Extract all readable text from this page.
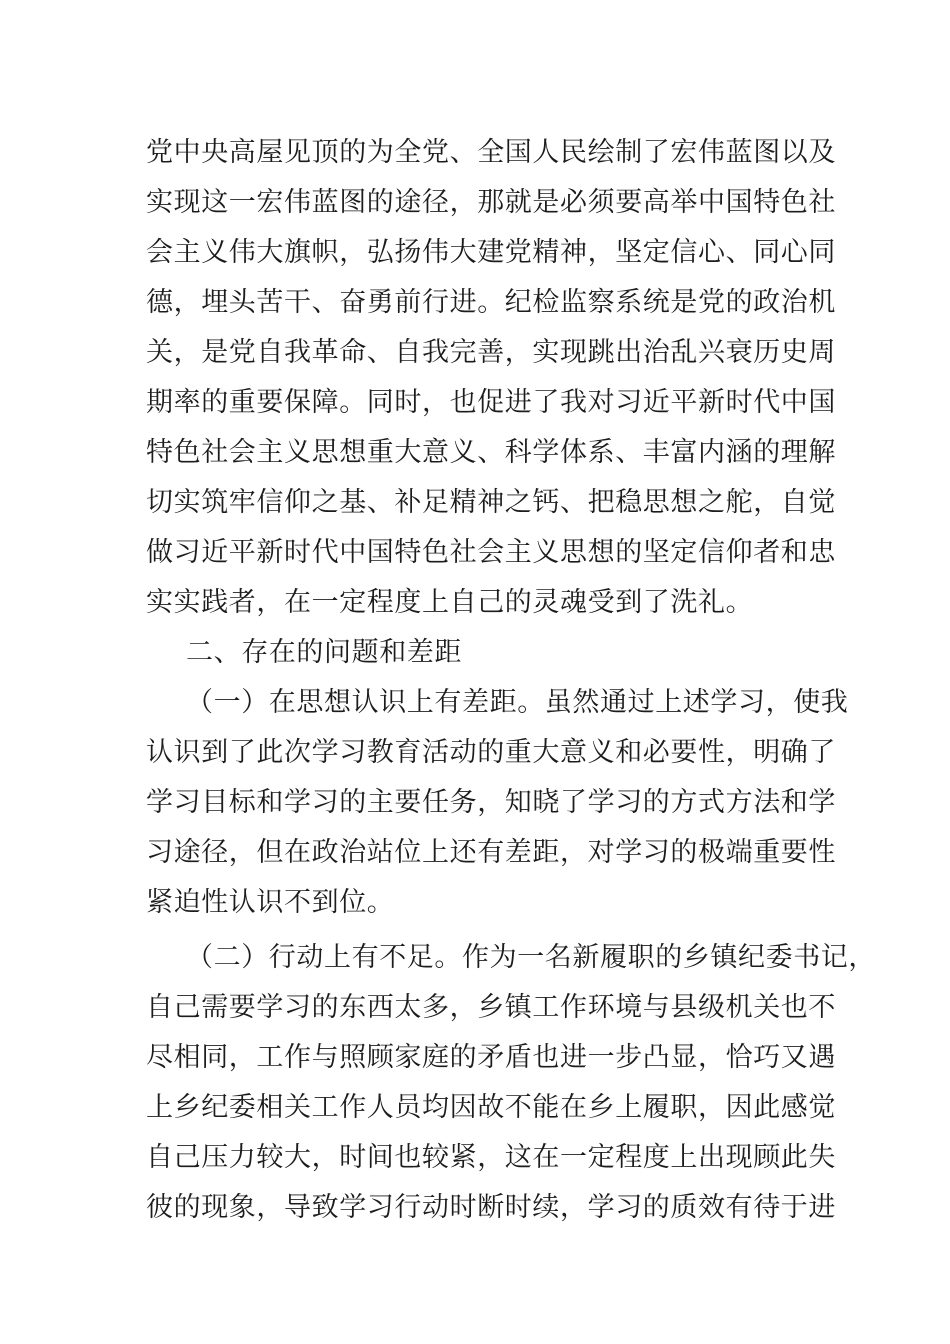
党中央高屋见顶的为全党、全国人民绘制了宏伟蓝图以及
实现这一宏伟蓝图的途径，那就是必须要高举中国特色社
会主义伟大旗帜，弘扬伟大建党精神，坚定信心、同心同
德，埋头苦干、奋勇前行进。纪检监察系统是党的政治机
关，是党自我革命、自我完善，实现跳出治乱兴衰历史周
期率的重要保障。同时，也促进了我对习近平新时代中国
特色社会主义思想重大意义、科学体系、丰富内涵的理解
切实筑牢信仰之基、补足精神之钙、把稳思想之舵，自觉
做习近平新时代中国特色社会主义思想的坚定信仰者和忠
实实践者，在一定程度上自己的灵魂受到了洗礼。
二、存在的问题和差距
（一）在思想认识上有差距。虽然通过上述学习，使我
认识到了此次学习教育活动的重大意义和必要性，明确了
学习目标和学习的主要任务，知晓了学习的方式方法和学
习途径，但在政治站位上还有差距，对学习的极端重要性
紧迫性认识不到位。
（二）行动上有不足。作为一名新履职的乡镇纪委书记，
自己需要学习的东西太多，乡镇工作环境与县级机关也不
尽相同，工作与照顾家庭的矛盾也进一步凸显，恰巧又遇
上乡纪委相关工作人员均因故不能在乡上履职，因此感觉
自己压力较大，时间也较紧，这在一定程度上出现顾此失
彼的现象，导致学习行动时断时续，学习的质效有待于进
